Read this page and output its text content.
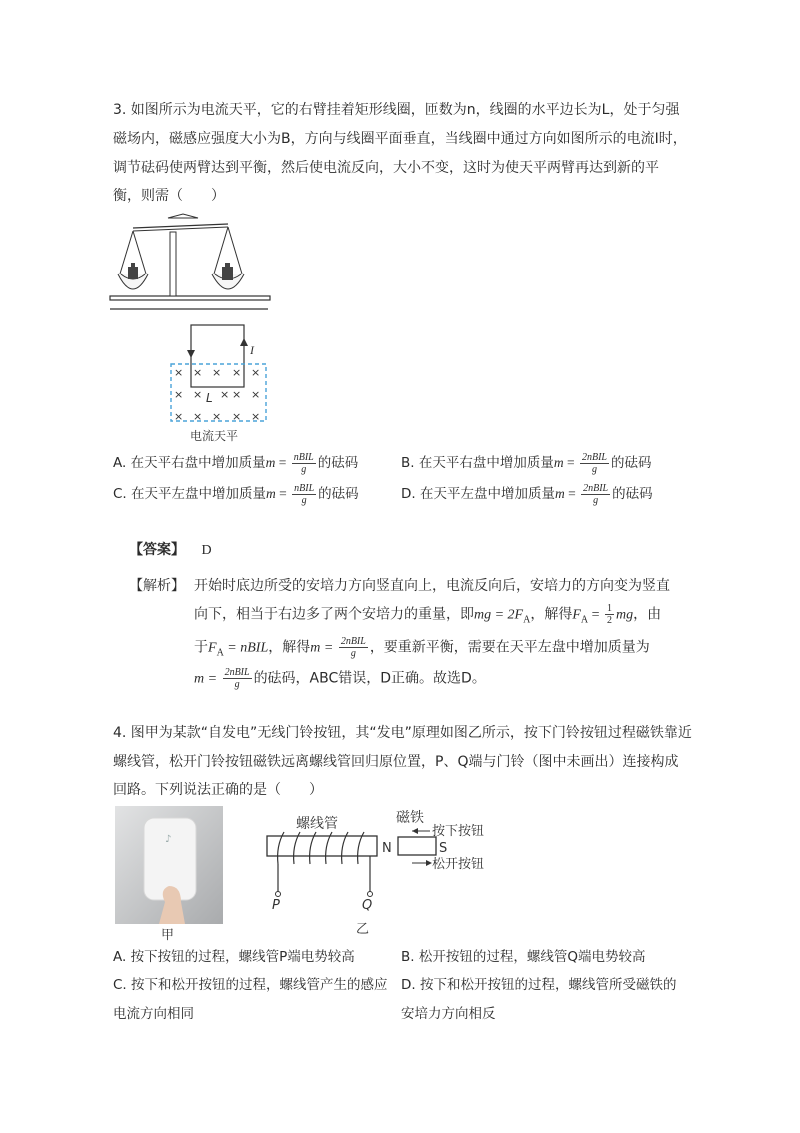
3. 如图所示为电流天平，它的右臂挂着矩形线圈，匝数为n，线圈的水平边长为L，处于匀强
磁场内，磁感应强度大小为B，方向与线圈平面垂直，当线圈中通过方向如图所示的电流I时，
调节砝码使两臂达到平衡，然后使电流反向，大小不变，这时为使天平两臂再达到新的平
衡，则需（　　）
I
× × × × ×
× × × × ×
× × × × ×
L
电流天平
A. 在天平右盘中增加质量$m = \frac{\text{nBIL}}{g}$ 的砝码	B. 在天平右盘中增加质量$m = \frac{\text{2nBIL}}{g}$ 的砝码
C. 在天平左盘中增加质量$m = \frac{\text{nBIL}}{g}$ 的砝码	D. 在天平左盘中增加质量$m = \frac{\text{2nBIL}}{g}$ 的砝码
【答案】 D
【解析】 开始时底边所受的安培力方向竖直向上，电流反向后，安培力的方向变为竖直
向下，相当于右边多了两个安培力的重量，即mg = $2F_A$，解得$F_A = \frac{1}{2}$ mg，由
于$F_A$ = nBIL，解得$m = \frac{\text{2nBIL}}{g}$ ，要重新平衡，需要在天平左盘中增加质量为
$m = \frac{\text{2nBIL}}{g}$ 的砝码，ABC错误，D正确。故选D。
4. 图甲为某款“自发电”无线门铃按钮，其“发电”原理如图乙所示，按下门铃按钮过程磁铁靠近
螺线管，松开门铃按钮磁铁远离螺线管回归原位置，P、Q端与门铃（图中未画出）连接构成
回路。下列说法正确的是（　　）
♪
甲
螺线管	磁铁
P	Q
N	S
按下按钮
松开按钮
乙
A. 按下按钮的过程，螺线管P端电势较高	B. 松开按钮的过程，螺线管Q端电势较高
C. 按下和松开按钮的过程，螺线管产生的感应
电流方向相同
D. 按下和松开按钮的过程，螺线管所受磁铁的
安培力方向相反
